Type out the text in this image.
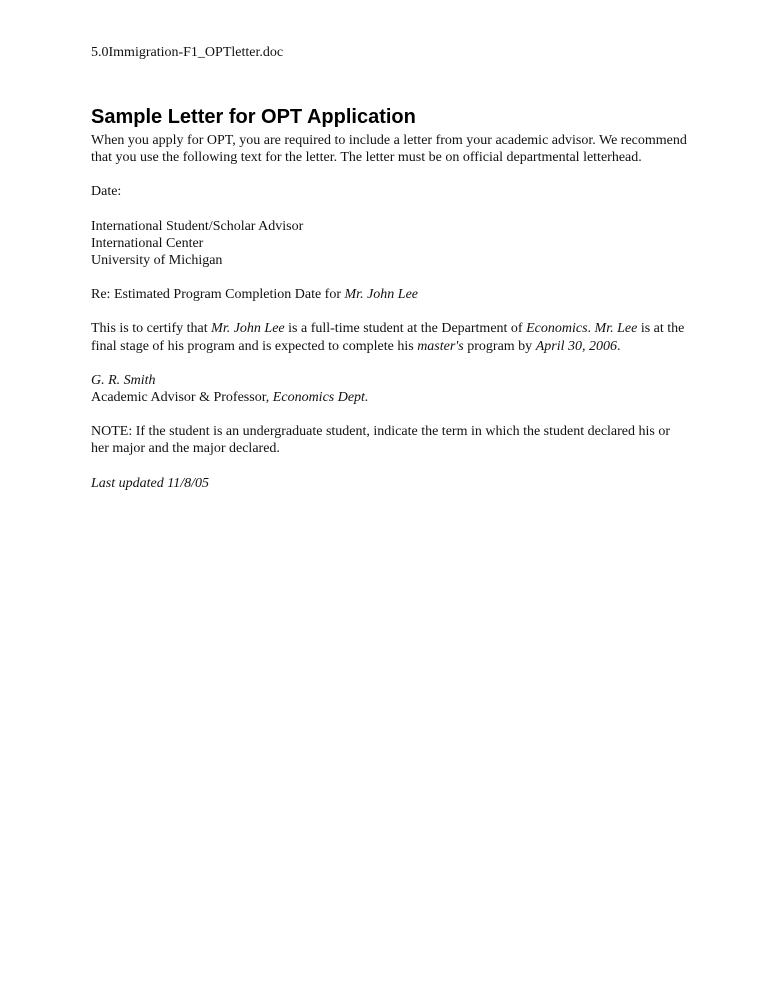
5.0Immigration-F1_OPTletter.doc
Sample Letter for OPT Application

When you apply for OPT, you are required to include a letter from your academic advisor. We recommend that you use the following text for the letter. The letter must be on official departmental letterhead.

Date:

International Student/Scholar Advisor
International Center
University of Michigan

Re: Estimated Program Completion Date for Mr. John Lee

This is to certify that Mr. John Lee is a full-time student at the Department of Economics. Mr. Lee is at the final stage of his program and is expected to complete his master's program by April 30, 2006.

G. R. Smith
Academic Advisor & Professor, Economics Dept.

NOTE: If the student is an undergraduate student, indicate the term in which the student declared his or her major and the major declared.

Last updated 11/8/05
